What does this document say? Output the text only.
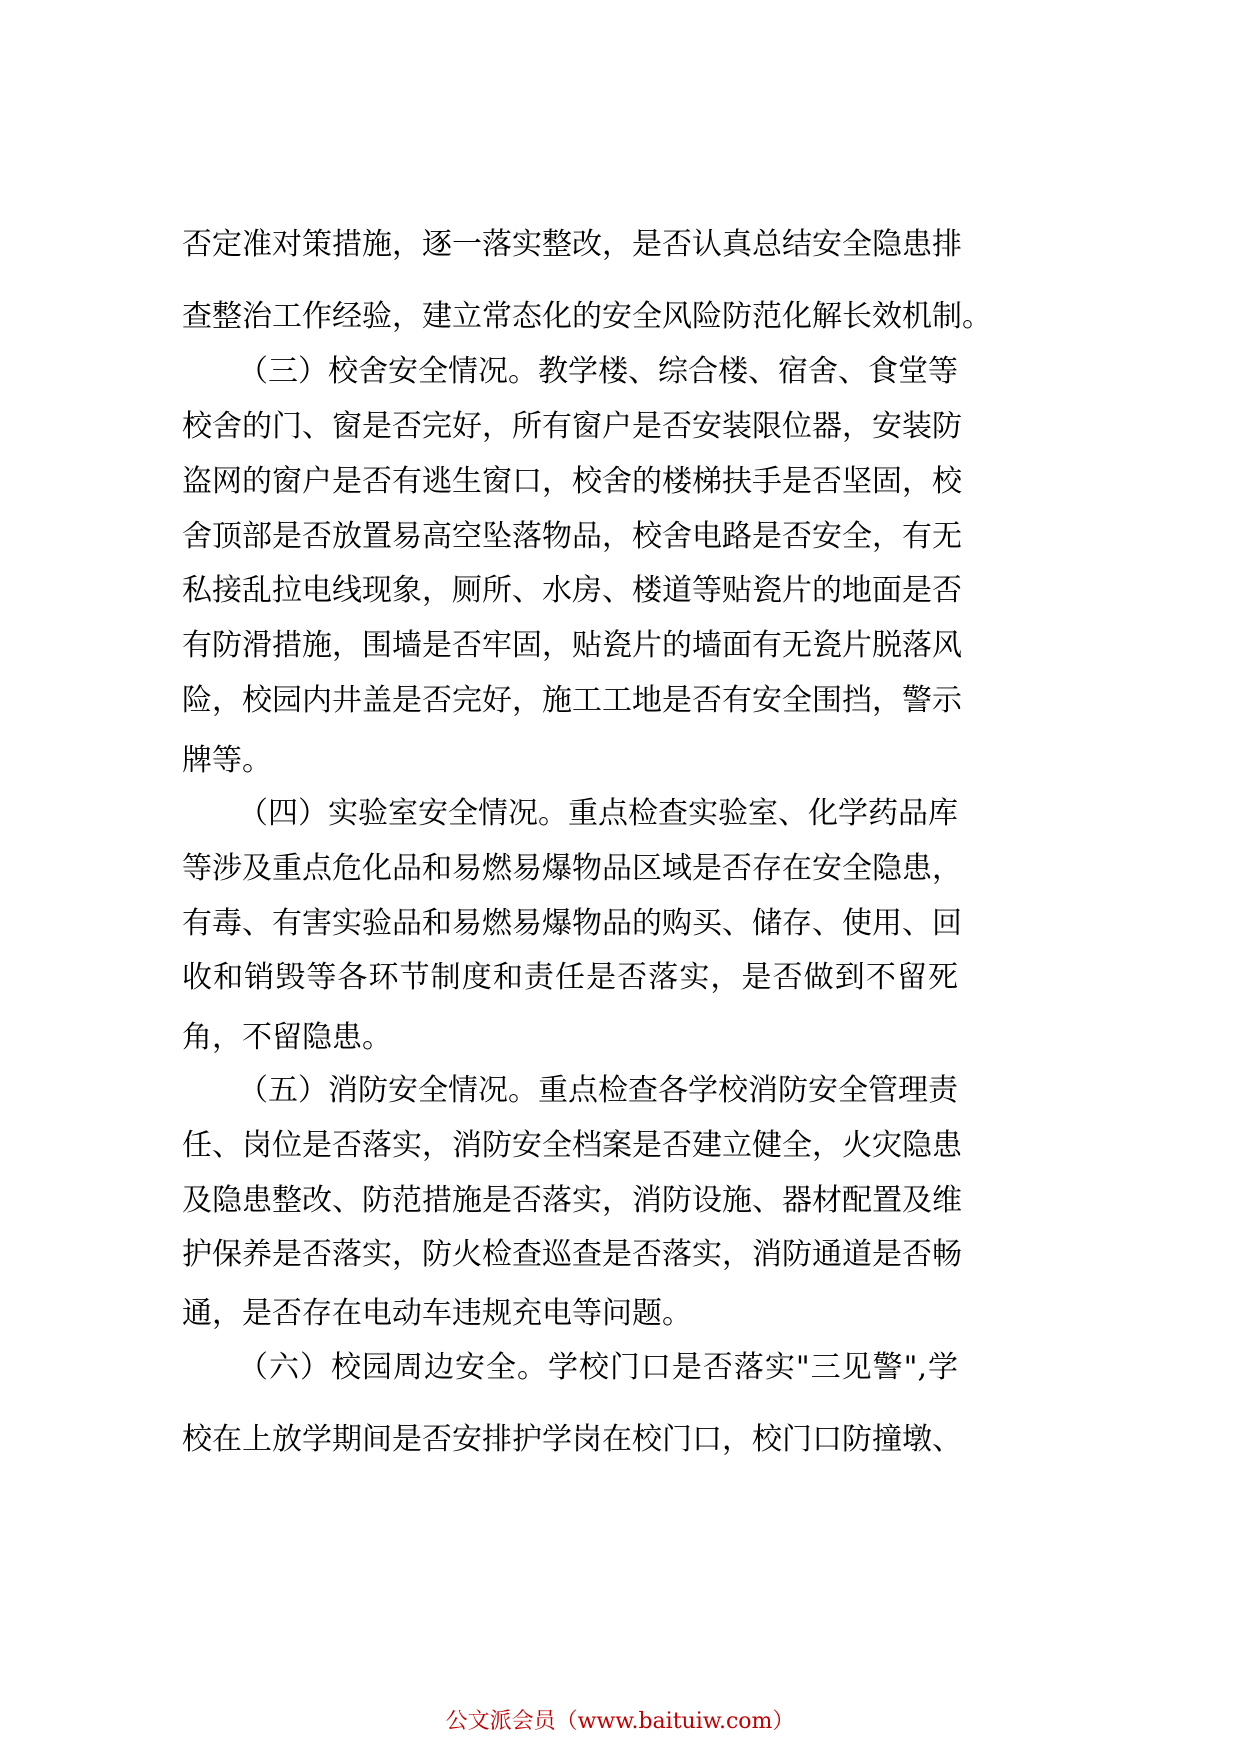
否定准对策措施，逐一落实整改，是否认真总结安全隐患排
查整治工作经验，建立常态化的安全风险防范化解长效机制。
（三）校舍安全情况。教学楼、综合楼、宿舍、食堂等
校舍的门、窗是否完好，所有窗户是否安装限位器，安装防
盗网的窗户是否有逃生窗口，校舍的楼梯扶手是否坚固，校
舍顶部是否放置易高空坠落物品，校舍电路是否安全，有无
私接乱拉电线现象，厕所、水房、楼道等贴瓷片的地面是否
有防滑措施，围墙是否牢固，贴瓷片的墙面有无瓷片脱落风
险，校园内井盖是否完好，施工工地是否有安全围挡，警示
牌等。
（四）实验室安全情况。重点检查实验室、化学药品库
等涉及重点危化品和易燃易爆物品区域是否存在安全隐患，
有毒、有害实验品和易燃易爆物品的购买、储存、使用、回
收和销毁等各环节制度和责任是否落实，是否做到不留死
角，不留隐患。
（五）消防安全情况。重点检查各学校消防安全管理责
任、岗位是否落实，消防安全档案是否建立健全，火灾隐患
及隐患整改、防范措施是否落实，消防设施、器材配置及维
护保养是否落实，防火检查巡查是否落实，消防通道是否畅
通，是否存在电动车违规充电等问题。
（六）校园周边安全。学校门口是否落实"三见警",学
校在上放学期间是否安排护学岗在校门口，校门口防撞墩、
公文派会员（www.baituiw.com）
